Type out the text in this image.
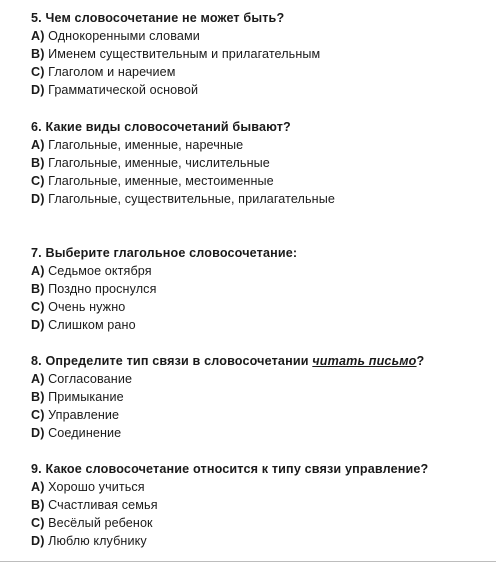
5. Чем словосочетание не может быть?
A) Однокоренными словами
B) Именем существительным и прилагательным
C) Глаголом и наречием
D) Грамматической основой
6. Какие виды словосочетаний бывают?
A) Глагольные, именные, наречные
B) Глагольные, именные, числительные
C) Глагольные, именные, местоименные
D) Глагольные, существительные, прилагательные
7. Выберите глагольное словосочетание:
A) Седьмое октября
B) Поздно проснулся
C) Очень нужно
D) Слишком рано
8. Определите тип связи в словосочетании читать письмо?
A) Согласование
B) Примыкание
C) Управление
D) Соединение
9. Какое словосочетание относится к типу связи управление?
A) Хорошо учиться
B) Счастливая семья
C) Весёлый ребенок
D) Люблю клубнику
